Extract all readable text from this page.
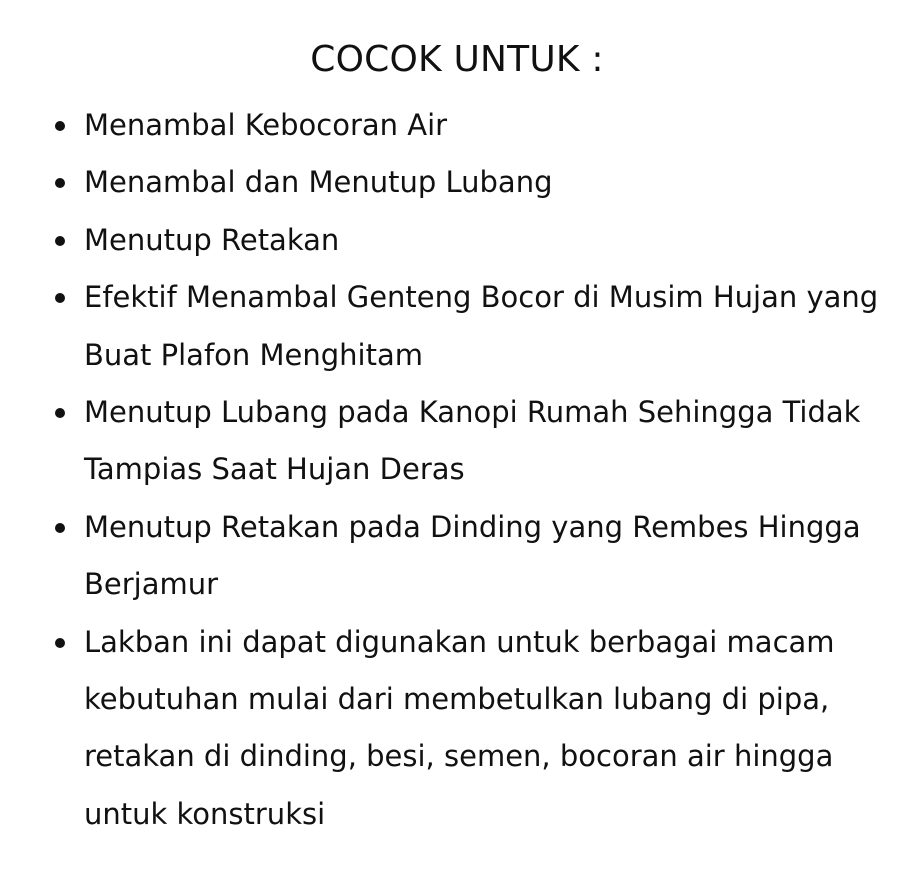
COCOK UNTUK :
Menambal Kebocoran Air
Menambal dan Menutup Lubang
Menutup Retakan
Efektif Menambal Genteng Bocor di Musim Hujan yang Buat Plafon Menghitam
Menutup Lubang pada Kanopi Rumah Sehingga Tidak Tampias Saat Hujan Deras
Menutup Retakan pada Dinding yang Rembes Hingga Berjamur
Lakban ini dapat digunakan untuk berbagai macam kebutuhan mulai dari membetulkan lubang di pipa, retakan di dinding, besi, semen, bocoran air hingga untuk konstruksi
